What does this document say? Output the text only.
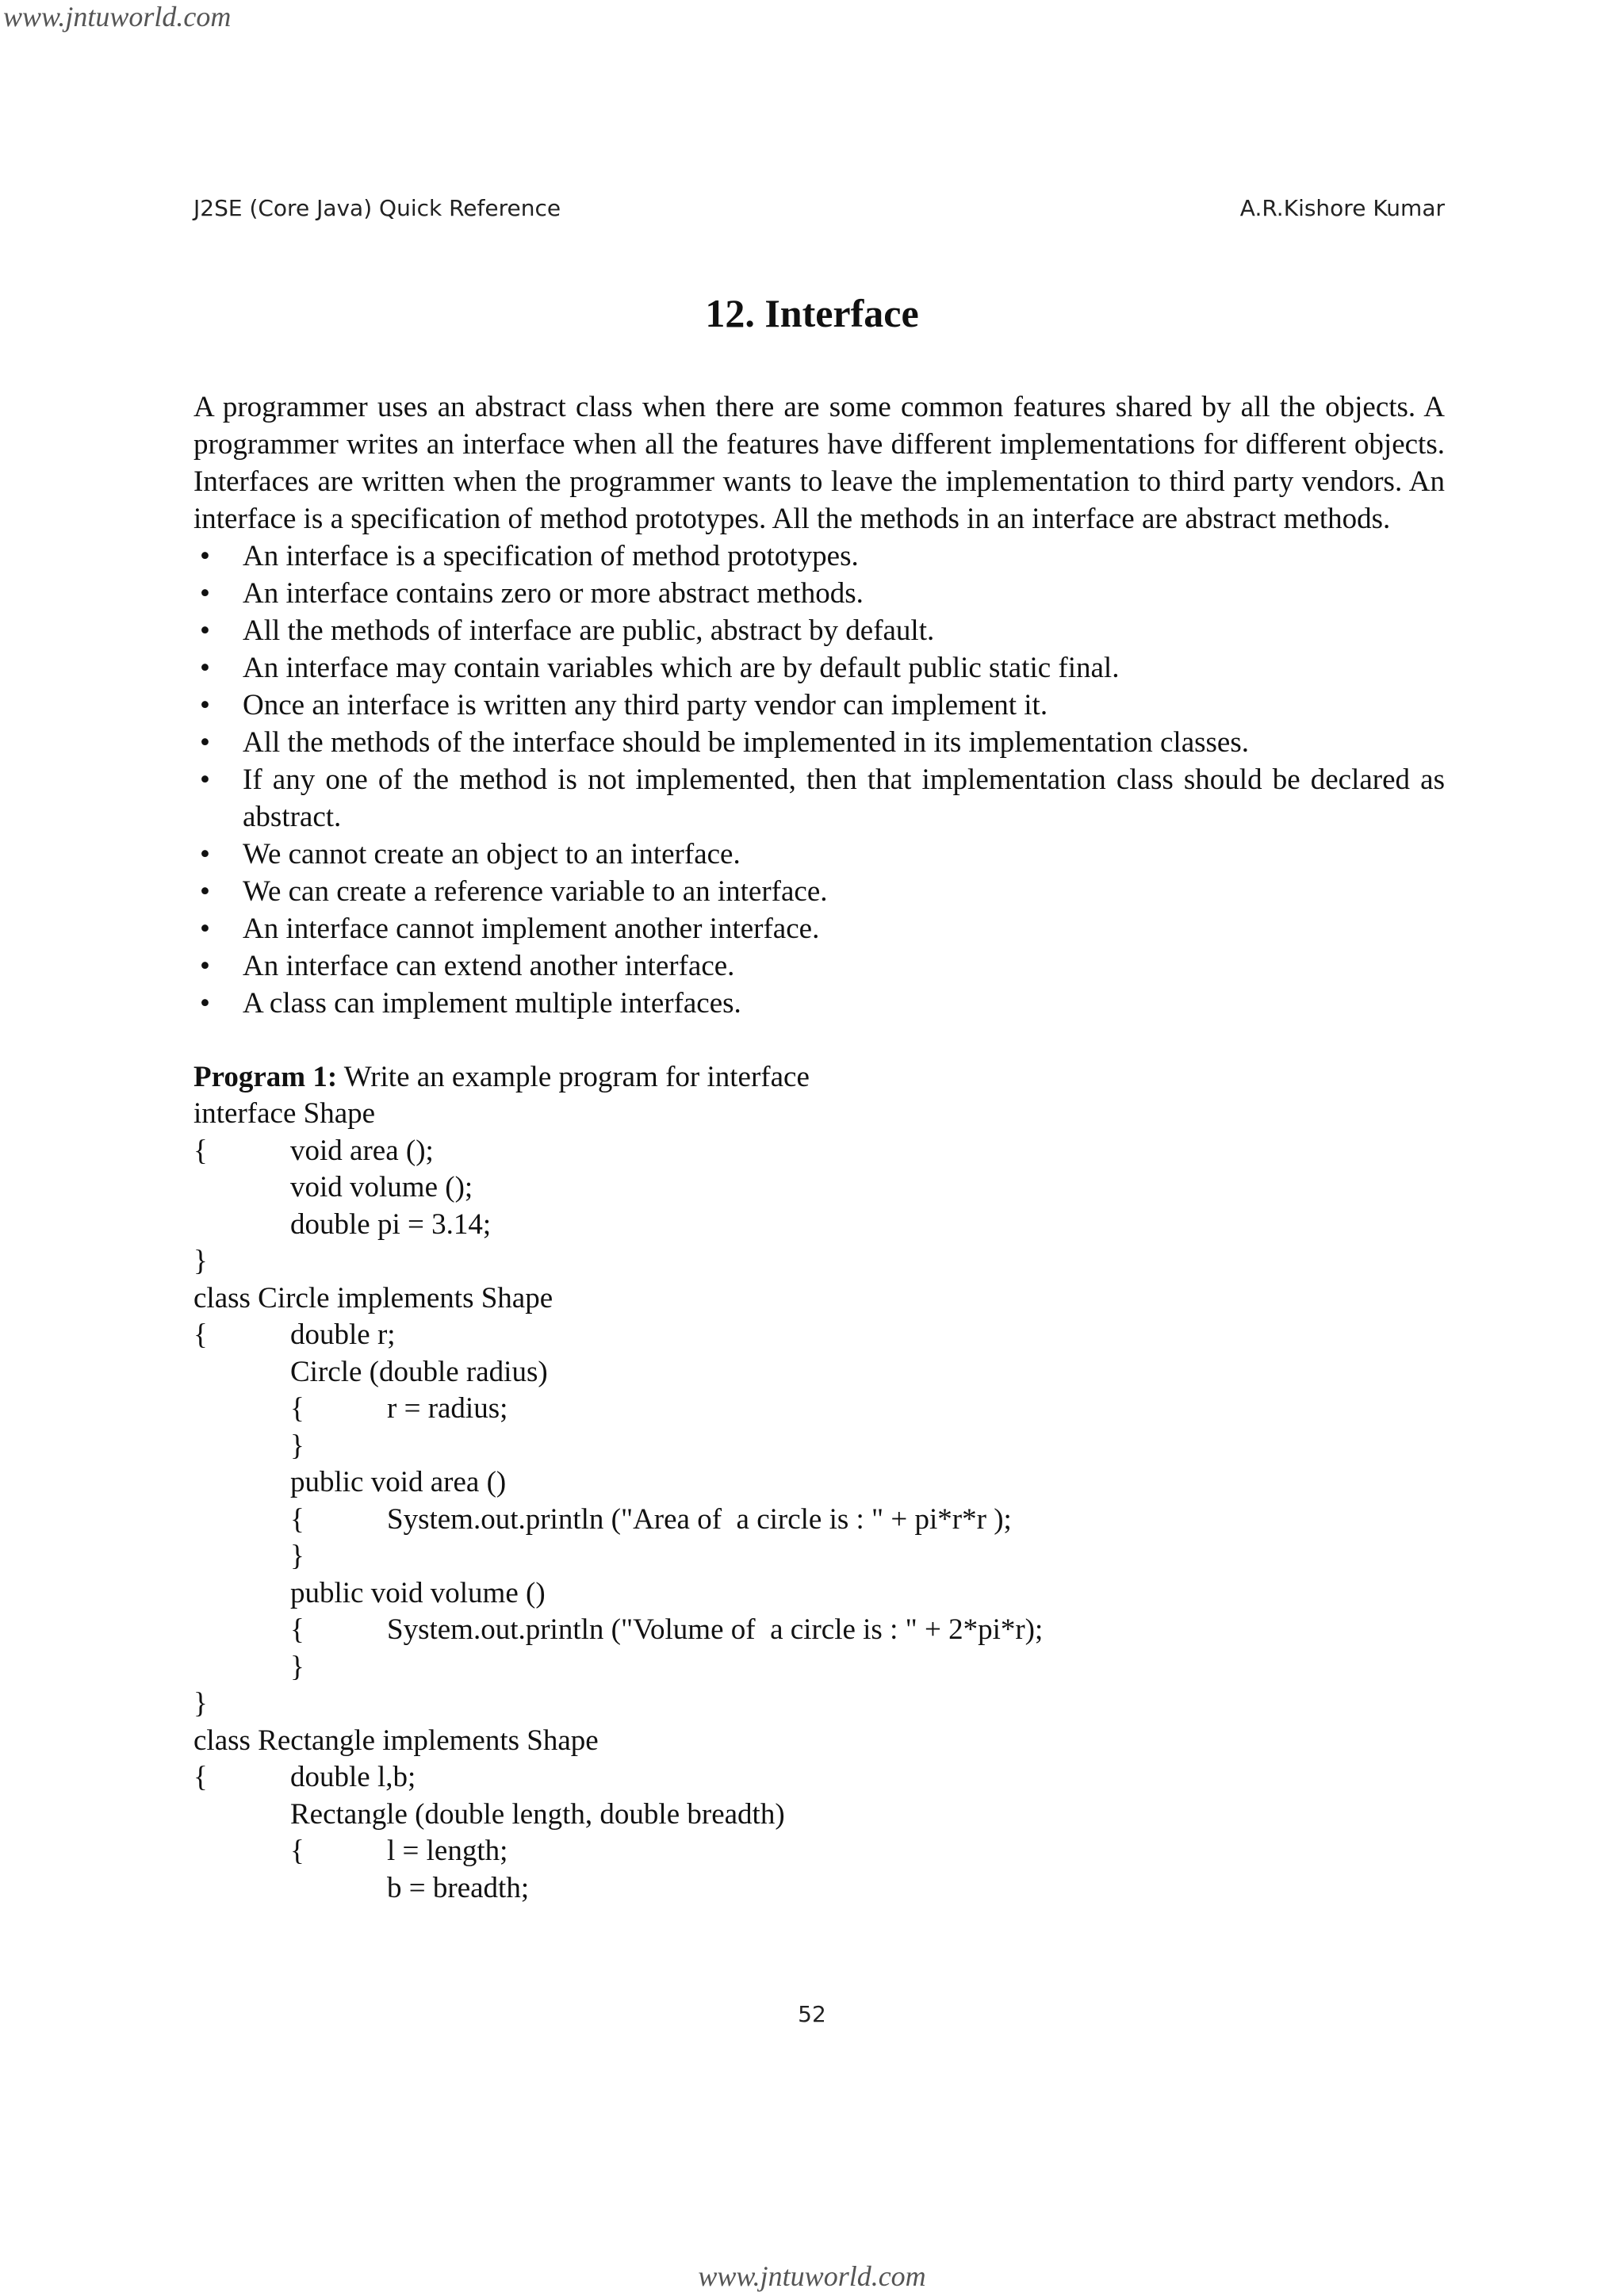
www.jntuworld.com
J2SE (Core Java) Quick Reference	A.R.Kishore Kumar
12. Interface

A programmer uses an abstract class when there are some common features shared by all the objects. A programmer writes an interface when all the features have different implementations for different objects. Interfaces are written when the programmer wants to leave the implementation to third party vendors. An interface is a specification of method prototypes. All the methods in an interface are abstract methods.

• An interface is a specification of method prototypes.
• An interface contains zero or more abstract methods.
• All the methods of interface are public, abstract by default.
• An interface may contain variables which are by default public static final.
• Once an interface is written any third party vendor can implement it.
• All the methods of the interface should be implemented in its implementation classes.
• If any one of the method is not implemented, then that implementation class should be declared as abstract.
• We cannot create an object to an interface.
• We can create a reference variable to an interface.
• An interface cannot implement another interface.
• An interface can extend another interface.
• A class can implement multiple interfaces.
Program 1: Write an example program for interface
interface Shape
{	void area ();
void volume ();
double pi = 3.14;
}
class Circle implements Shape
{	double r;
Circle (double radius)
{	r = radius;
}
public void area ()
{	System.out.println ("Area of  a circle is : " + pi*r*r );
}
public void volume ()
{	System.out.println ("Volume of  a circle is : " + 2*pi*r);
}
}
class Rectangle implements Shape
{	double l,b;
Rectangle (double length, double breadth)
{	l = length;
b = breadth;
52
www.jntuworld.com
